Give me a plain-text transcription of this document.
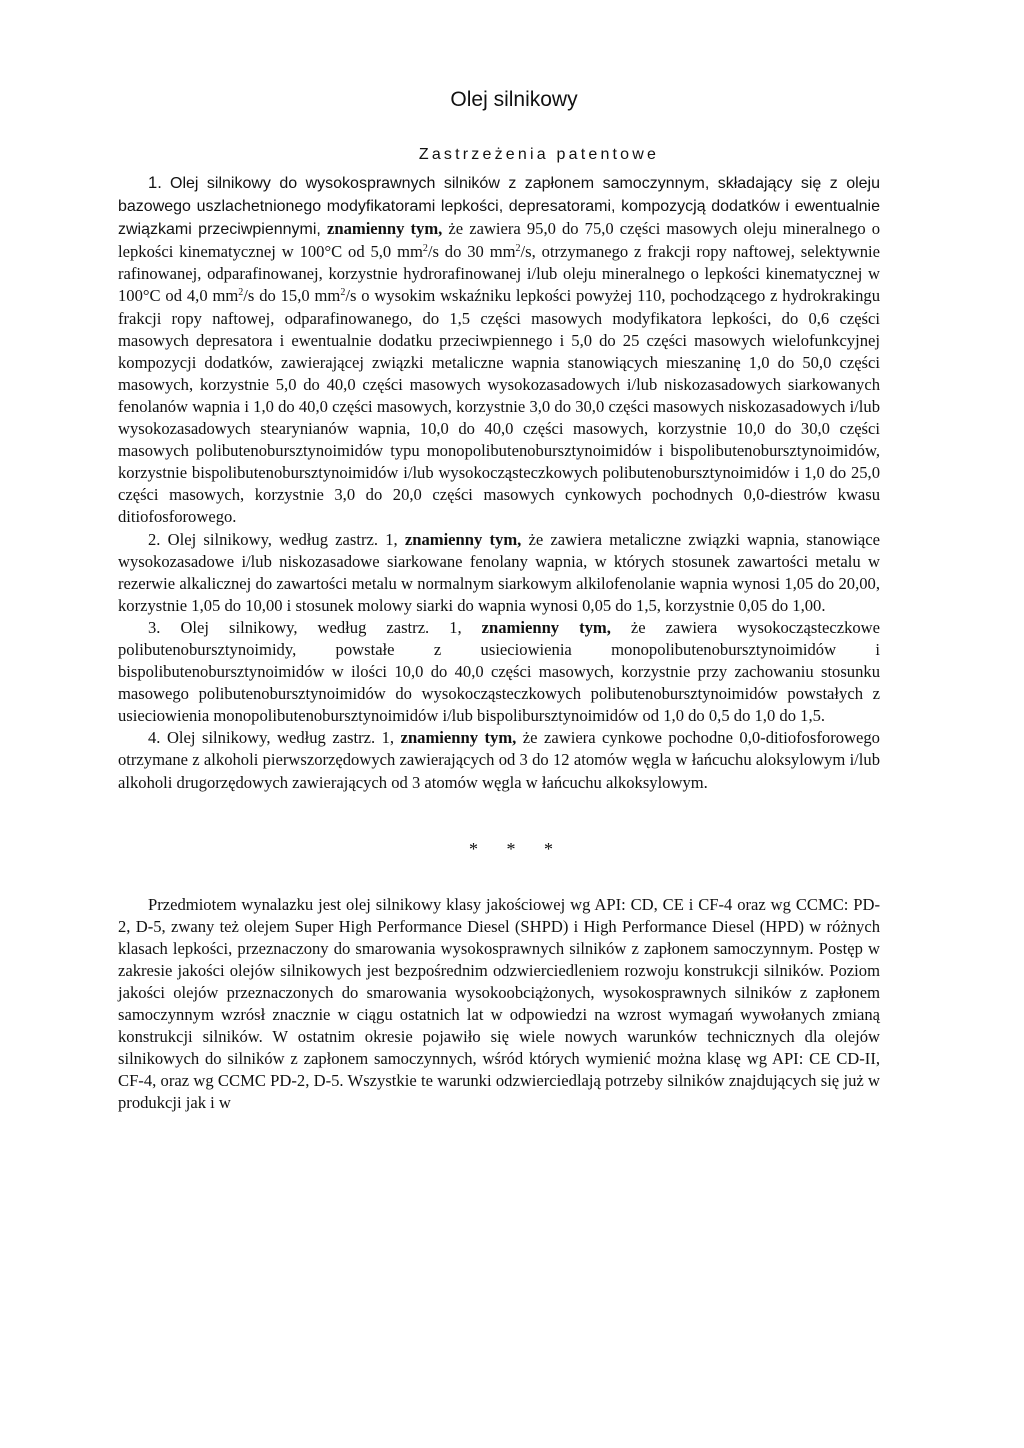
Olej silnikowy
Zastrzeżenia patentowe

1. Olej silnikowy do wysokosprawnych silników z zapłonem samoczynnym, składający się z oleju bazowego uszlachetnionego modyfikatorami lepkości, depresatorami, kompozycją dodatków i ewentualnie związkami przeciwpiennymi, znamienny tym, że zawiera 95,0 do 75,0 części masowych oleju mineralnego o lepkości kinematycznej w 100°C od 5,0 $mm^2/s$ do 30 $mm^2/s$, otrzymanego z frakcji ropy naftowej, selektywnie rafinowanej, odparafinowanej, korzystnie hydrorafinowanej i/lub oleju mineralnego o lepkości kinematycznej w 100°C od 4,0 $mm^2/s$ do 15,0 $mm^2/s$ o wysokim wskaźniku lepkości powyżej 110, pochodzącego z hydrokrakingu frakcji ropy naftowej, odparafinowanego, do 1,5 części masowych modyfikatora lepkości, do 0,6 części masowych depresatora i ewentualnie dodatku przeciwpiennego i 5,0 do 25 części masowych wielofunkcyjnej kompozycji dodatków, zawierającej związki metaliczne wapnia stanowiących mieszaninę 1,0 do 50,0 części masowych, korzystnie 5,0 do 40,0 części masowych wysokozasadowych i/lub niskozasadowych siarkowanych fenolanów wapnia i 1,0 do 40,0 części masowych, korzystnie 3,0 do 30,0 części masowych niskozasadowych i/lub wysokozasadowych stearynianów wapnia, 10,0 do 40,0 części masowych, korzystnie 10,0 do 30,0 części masowych polibutenobursztynoimidów typu monopolibutenobursztynoimidów i bispolibutenobursztynoimidów, korzystnie bispolibutenobursztynoimidów i/lub wysokocząsteczkowych polibutenobursztynoimidów i 1,0 do 25,0 części masowych, korzystnie 3,0 do 20,0 części masowych cynkowych pochodnych 0,0-diestrów kwasu ditiofosforowego.

2. Olej silnikowy, według zastrz. 1, znamienny tym, że zawiera metaliczne związki wapnia, stanowiące wysokozasadowe i/lub niskozasadowe siarkowane fenolany wapnia, w których stosunek zawartości metalu w rezerwie alkalicznej do zawartości metalu w normalnym siarkowym alkilofenolanie wapnia wynosi 1,05 do 20,00, korzystnie 1,05 do 10,00 i stosunek molowy siarki do wapnia wynosi 0,05 do 1,5, korzystnie 0,05 do 1,00.

3. Olej silnikowy, według zastrz. 1, znamienny tym, że zawiera wysokocząsteczkowe polibutenobursztynoimidy, powstałe z usieciowienia monopolibutenobursztynoimidów i bispolibutenobursztynoimidów w ilości 10,0 do 40,0 części masowych, korzystnie przy zachowaniu stosunku masowego polibutenobursztynoimidów do wysokocząsteczkowych polibutenobursztynoimidów powstałych z usieciowienia monopolibutenobursztynoimidów i/lub bispolibursztynoimidów od 1,0 do 0,5 do 1,0 do 1,5.

4. Olej silnikowy, według zastrz. 1, znamienny tym, że zawiera cynkowe pochodne 0,0-ditiofosforowego otrzymane z alkoholi pierwszorzędowych zawierających od 3 do 12 atomów węgla w łańcuchu aloksylowym i/lub alkoholi drugorzędowych zawierających od 3 atomów węgla w łańcuchu alkoksylowym.

* * *

Przedmiotem wynalazku jest olej silnikowy klasy jakościowej wg API: CD, CE i CF-4 oraz wg CCMC: PD-2, D-5, zwany też olejem Super High Performance Diesel (SHPD) i High Performance Diesel (HPD) w różnych klasach lepkości, przeznaczony do smarowania wysokosprawnych silników z zapłonem samoczynnym. Postęp w zakresie jakości olejów silnikowych jest bezpośrednim odzwierciedleniem rozwoju konstrukcji silników. Poziom jakości olejów przeznaczonych do smarowania wysokoobciążonych, wysokosprawnych silników z zapłonem samoczynnym wzrósł znacznie w ciągu ostatnich lat w odpowiedzi na wzrost wymagań wywołanych zmianą konstrukcji silników. W ostatnim okresie pojawiło się wiele nowych warunków technicznych dla olejów silnikowych do silników z zapłonem samoczynnych, wśród których wymienić można klasę wg API: CE CD-II, CF-4, oraz wg CCMC PD-2, D-5. Wszystkie te warunki odzwierciedlają potrzeby silników znajdujących się już w produkcji jak i w
